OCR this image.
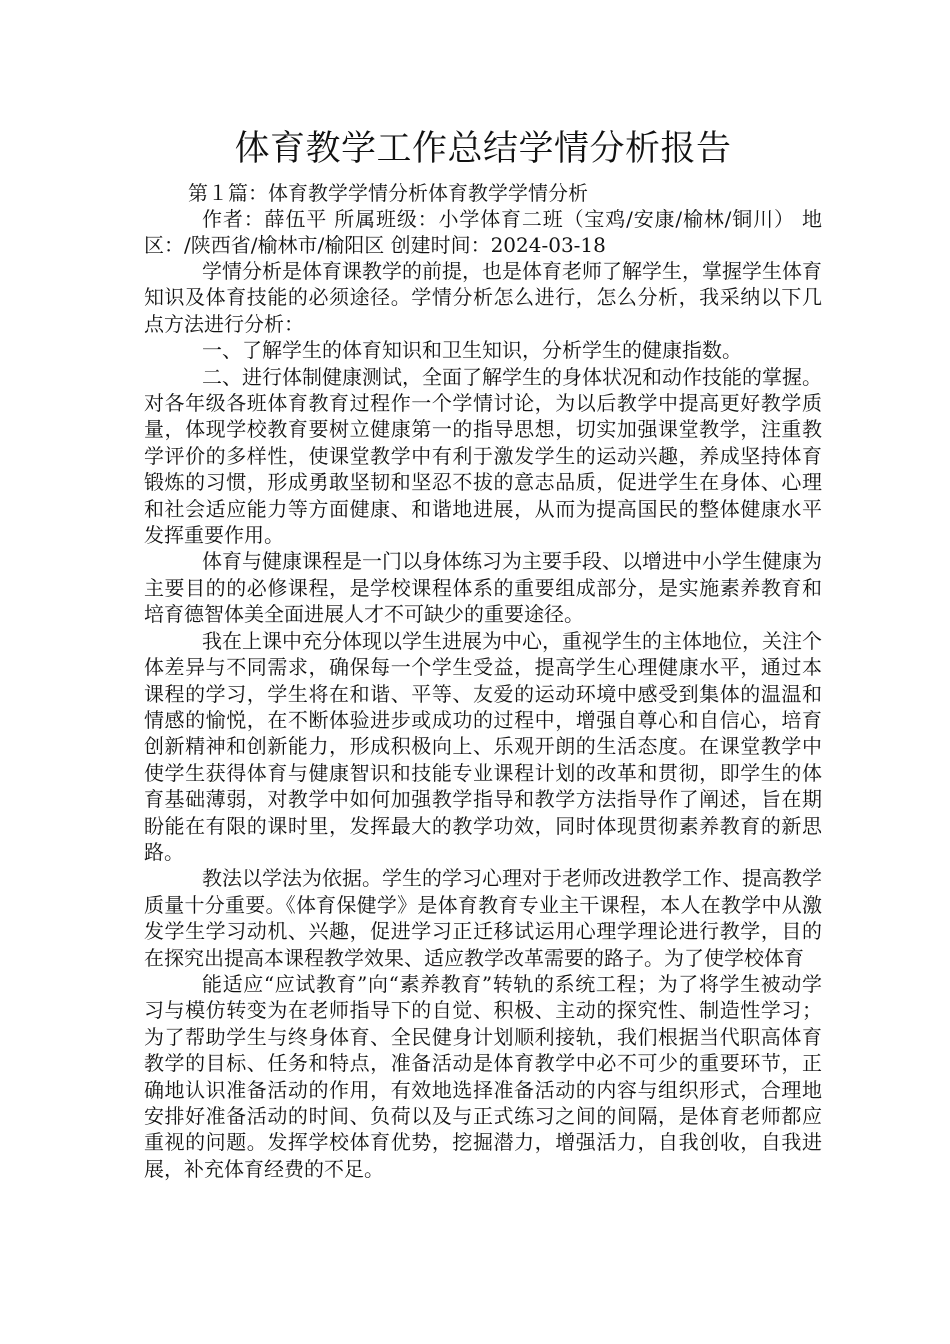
体育教学工作总结学情分析报告

第１篇：体育教学学情分析体育教学学情分析

作者：薛伍平 所属班级：小学体育二班（宝鸡/安康/榆林/铜川） 地区：/陕西省/榆林市/榆阳区 创建时间：2024-03-18

学情分析是体育课教学的前提，也是体育老师了解学生，掌握学生体育知识及体育技能的必须途径。学情分析怎么进行，怎么分析，我采纳以下几点方法进行分析：

一、了解学生的体育知识和卫生知识，分析学生的健康指数。

二、进行体制健康测试，全面了解学生的身体状况和动作技能的掌握。对各年级各班体育教育过程作一个学情讨论，为以后教学中提高更好教学质量，体现学校教育要树立健康第一的指导思想，切实加强课堂教学，注重教学评价的多样性，使课堂教学中有利于激发学生的运动兴趣，养成坚持体育锻炼的习惯，形成勇敢坚韧和坚忍不拔的意志品质，促进学生在身体、心理和社会适应能力等方面健康、和谐地进展，从而为提高国民的整体健康水平发挥重要作用。

体育与健康课程是一门以身体练习为主要手段、以增进中小学生健康为主要目的的必修课程，是学校课程体系的重要组成部分，是实施素养教育和培育德智体美全面进展人才不可缺少的重要途径。

我在上课中充分体现以学生进展为中心，重视学生的主体地位，关注个体差异与不同需求，确保每一个学生受益，提高学生心理健康水平，通过本课程的学习，学生将在和谐、平等、友爱的运动环境中感受到集体的温温和情感的愉悦，在不断体验进步或成功的过程中，增强自尊心和自信心，培育创新精神和创新能力，形成积极向上、乐观开朗的生活态度。在课堂教学中使学生获得体育与健康智识和技能专业课程计划的改革和贯彻，即学生的体育基础薄弱，对教学中如何加强教学指导和教学方法指导作了阐述，旨在期盼能在有限的课时里，发挥最大的教学功效，同时体现贯彻素养教育的新思路。

教法以学法为依据。学生的学习心理对于老师改进教学工作、提高教学质量十分重要。《体育保健学》是体育教育专业主干课程，本人在教学中从激发学生学习动机、兴趣，促进学习正迁移试运用心理学理论进行教学，目的在探究出提高本课程教学效果、适应教学改革需要的路子。为了使学校体育

能适应“应试教育”向“素养教育”转轨的系统工程；为了将学生被动学习与模仿转变为在老师指导下的自觉、积极、主动的探究性、制造性学习；为了帮助学生与终身体育、全民健身计划顺利接轨，我们根据当代职高体育教学的目标、任务和特点，准备活动是体育教学中必不可少的重要环节，正确地认识准备活动的作用，有效地选择准备活动的内容与组织形式，合理地安排好准备活动的时间、负荷以及与正式练习之间的间隔，是体育老师都应重视的问题。发挥学校体育优势，挖掘潜力，增强活力，自我创收，自我进展，补充体育经费的不足。
